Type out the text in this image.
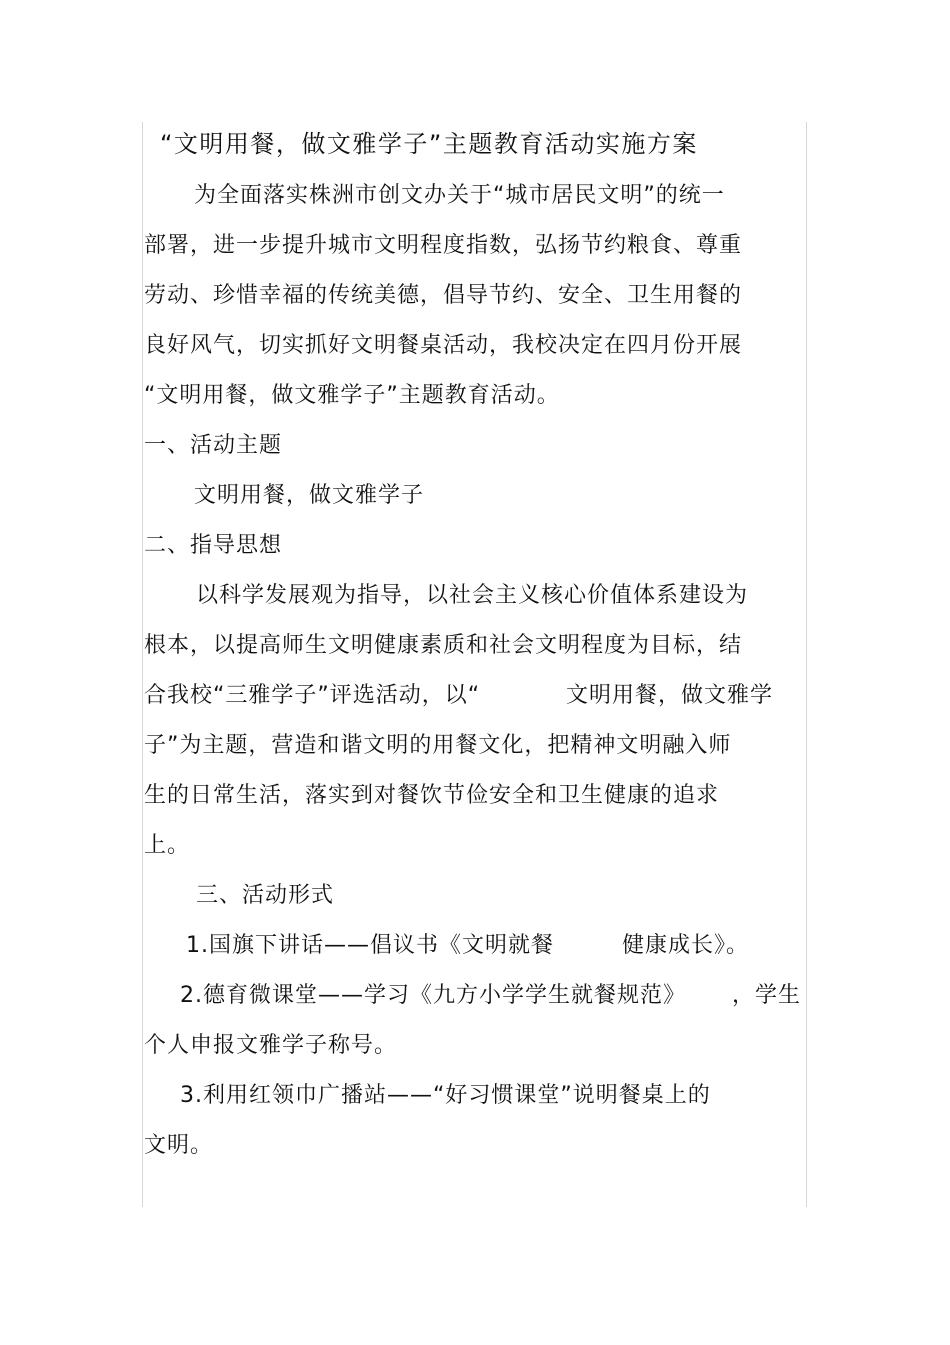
“文明用餐，做文雅学子”主题教育活动实施方案
为全面落实株洲市创文办关于“城市居民文明”的统一
部署，进一步提升城市文明程度指数，弘扬节约粮食、尊重
劳动、珍惜幸福的传统美德，倡导节约、安全、卫生用餐的
良好风气，切实抓好文明餐桌活动，我校决定在四月份开展
“文明用餐，做文雅学子”主题教育活动。
一、活动主题
文明用餐，做文雅学子
二、指导思想
以科学发展观为指导，以社会主义核心价值体系建设为
根本，以提高师生文明健康素质和社会文明程度为目标，结
合我校“三雅学子”评选活动，以“	文明用餐，做文雅学
子”为主题，营造和谐文明的用餐文化，把精神文明融入师
生的日常生活，落实到对餐饮节俭安全和卫生健康的追求
上。
三、活动形式
1.国旗下讲话——倡议书《文明就餐	健康成长》。
2.德育微课堂——学习《九方小学学生就餐规范》 ，学生
个人申报文雅学子称号。
3.利用红领巾广播站——“好习惯课堂”说明餐桌上的
文明。
